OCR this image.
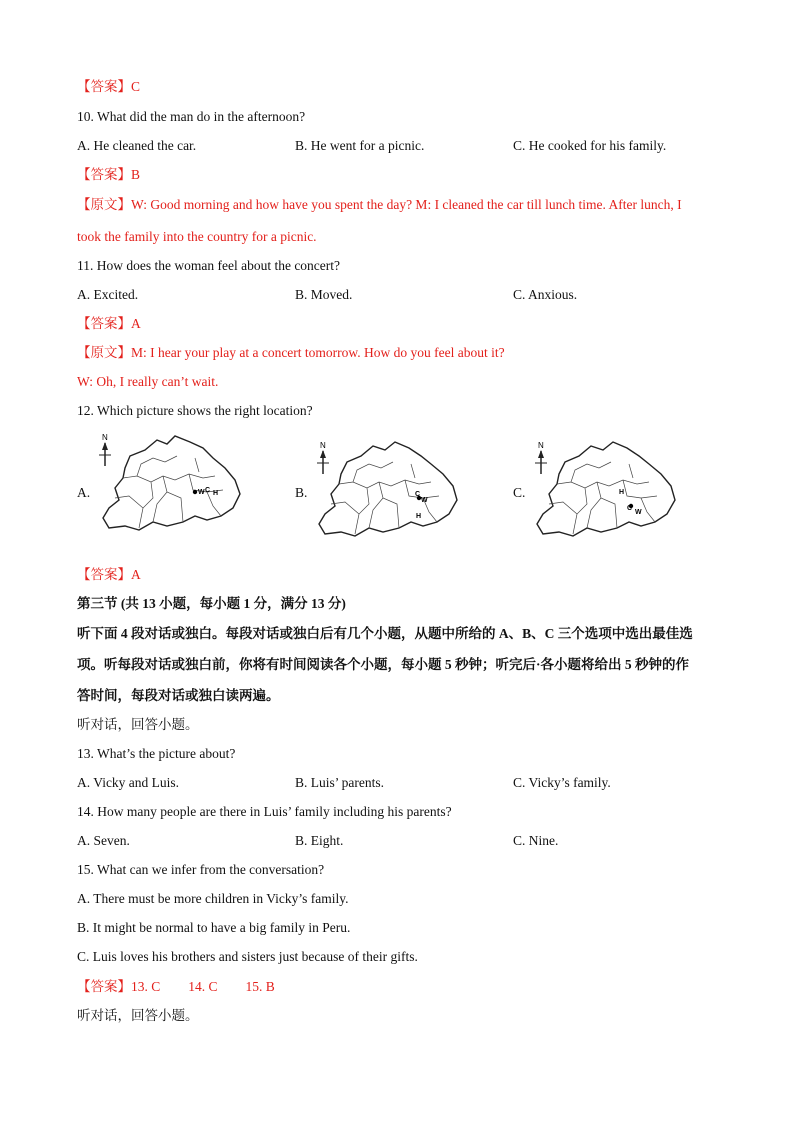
【答案】C
10. What did the man do in the afternoon?
A. He cleaned the car.	B. He went for a picnic.	C. He cooked for his family.
【答案】B
【原文】W: Good morning and how have you spent the day? M: I cleaned the car till lunch time. After lunch, I
took the family into the country for a picnic.
11. How does the woman feel about the concert?
A. Excited.	B. Moved.	C. Anxious.
【答案】A
【原文】M: I hear your play at a concert tomorrow. How do you feel about it?
W: Oh, I really can’t wait.
12. Which picture shows the right location?
A.	B.	C.
N
W C H
N
C
W
H
N
H
C
W
【答案】A
第三节 (共 13 小题，每小题 1 分，满分 13 分)
听下面 4 段对话或独白。每段对话或独白后有几个小题，从题中所给的 A、B、C 三个选项中选出最佳选
项。听每段对话或独白前，你将有时间阅读各个小题，每小题 5 秒钟；听完后·各小题将给出 5 秒钟的作
答时间，每段对话或独白读两遍。
听对话，回答小题。
13. What’s the picture about?
A. Vicky and Luis.	B. Luis’ parents.	C. Vicky’s family.
14. How many people are there in Luis’ family including his parents?
A. Seven.	B. Eight.	C. Nine.
15. What can we infer from the conversation?
A. There must be more children in Vicky’s family.
B. It might be normal to have a big family in Peru.
C. Luis loves his brothers and sisters just because of their gifts.
【答案】13. C 14. C 15. B
听对话，回答小题。
